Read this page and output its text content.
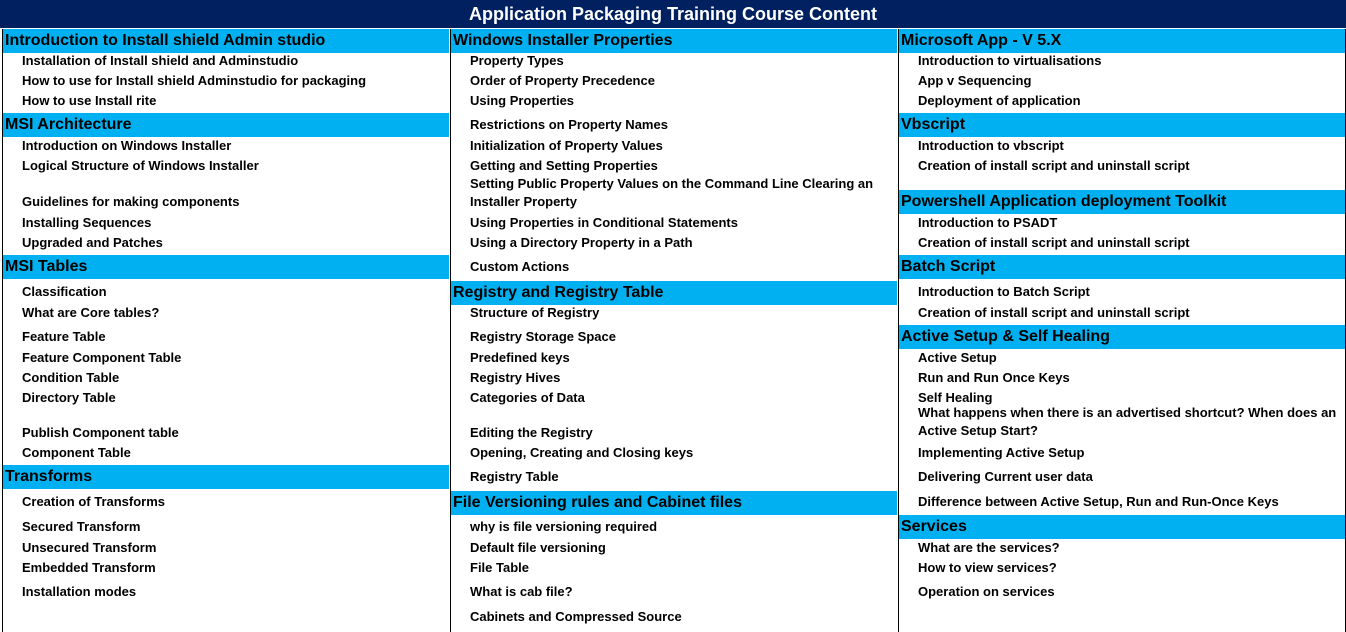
Application Packaging Training Course Content
Introduction to Install shield Admin studio
Installation of Install shield and Adminstudio
How to use for Install shield Adminstudio for packaging
How to use Install rite
MSI Architecture
Introduction on Windows Installer
Logical Structure of Windows Installer
Guidelines for making components
Installing Sequences
Upgraded and Patches
MSI Tables
Classification
What are Core tables?
Feature Table
Feature Component Table
Condition Table
Directory Table
Publish Component table
Component Table
Transforms
Creation of Transforms
Secured Transform
Unsecured Transform
Embedded Transform
Installation modes
Windows Installer Properties
Property Types
Order of Property Precedence
Using Properties
Restrictions on Property Names
Initialization of Property Values
Getting and Setting Properties
Setting Public Property Values on the Command Line Clearing an Installer Property
Using Properties in Conditional Statements
Using a Directory Property in a Path
Custom Actions
Registry and Registry Table
Structure of Registry
Registry Storage Space
Predefined keys
Registry Hives
Categories of Data
Editing the Registry
Opening, Creating and Closing keys
Registry Table
File Versioning rules and Cabinet files
why is file versioning required
Default file versioning
File Table
What is cab file?
Cabinets and Compressed Source
Microsoft App - V 5.X
Introduction to virtualisations
App v Sequencing
Deployment of application
Vbscript
Introduction to vbscript
Creation of install script and uninstall script
Powershell Application deployment Toolkit
Introduction to PSADT
Creation of install script and uninstall script
Batch Script
Introduction to Batch Script
Creation of install script and uninstall script
Active Setup & Self Healing
Active Setup
Run and Run Once Keys
Self Healing
What happens when there is an advertised shortcut? When does an Active Setup Start?
Implementing Active Setup
Delivering Current user data
Difference between Active Setup, Run and Run-Once Keys
Services
What are the services?
How to view services?
Operation on services
